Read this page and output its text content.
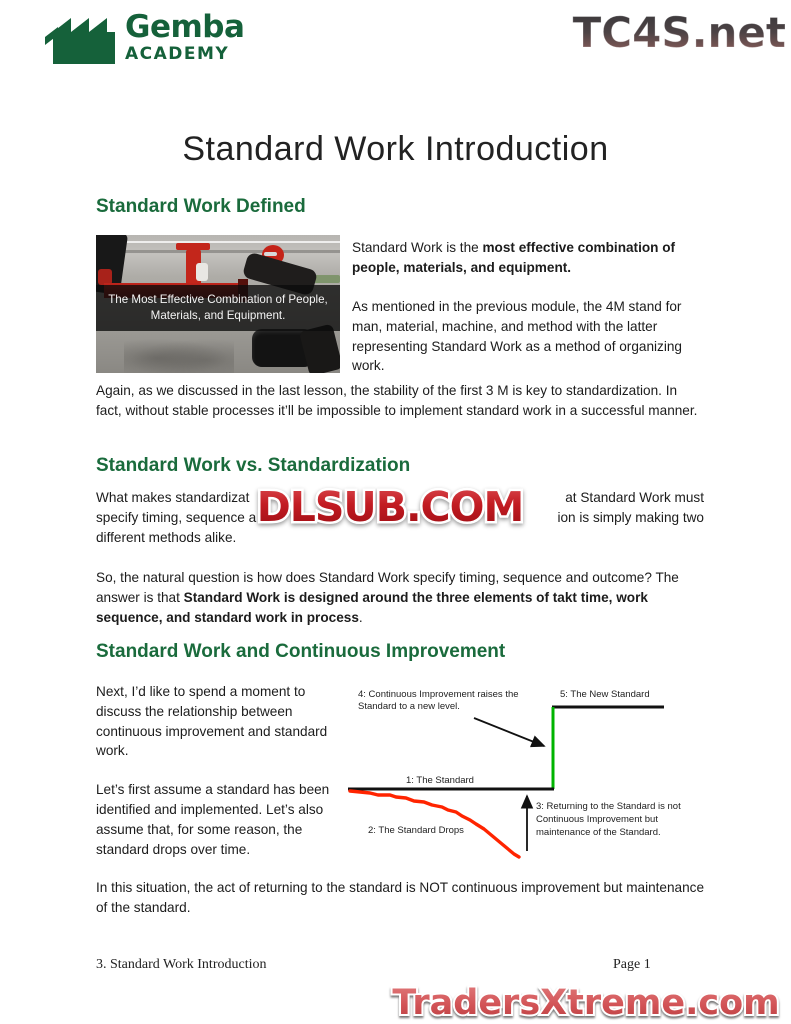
Gemba
ACADEMY	TC4S.net
Standard Work Introduction
Standard Work Defined
The Most Effective Combination of People,
Materials, and Equipment.
Standard Work is the most effective combination of people, materials, and equipment.
As mentioned in the previous module, the 4M stand for man, material, machine, and method with the latter representing Standard Work as a method of organizing work.
Again, as we discussed in the last lesson, the stability of the first 3 M is key to standardization. In fact, without stable processes it’ll be impossible to implement standard work in a successful manner.
Standard Work vs. Standardization
What makes standardizat	at Standard Work must
specify timing, sequence a	ion is simply making two
different methods alike.
DLSUB.COM
So, the natural question is how does Standard Work specify timing, sequence and outcome? The answer is that Standard Work is designed around the three elements of takt time, work sequence, and standard work in process.
Standard Work and Continuous Improvement

Next, I’d like to spend a moment to discuss the relationship between continuous improvement and standard work.

Let’s first assume a standard has been identified and implemented. Let’s also assume that, for some reason, the standard drops over time.

4: Continuous Improvement raises the
Standard to a new level.
5: The New Standard
1: The Standard
3: Returning to the Standard is not
Continuous Improvement but
maintenance of the Standard.
2: The Standard Drops
In this situation, the act of returning to the standard is NOT continuous improvement but maintenance of the standard.
3. Standard Work Introduction	Page 1
TradersXtreme.com
